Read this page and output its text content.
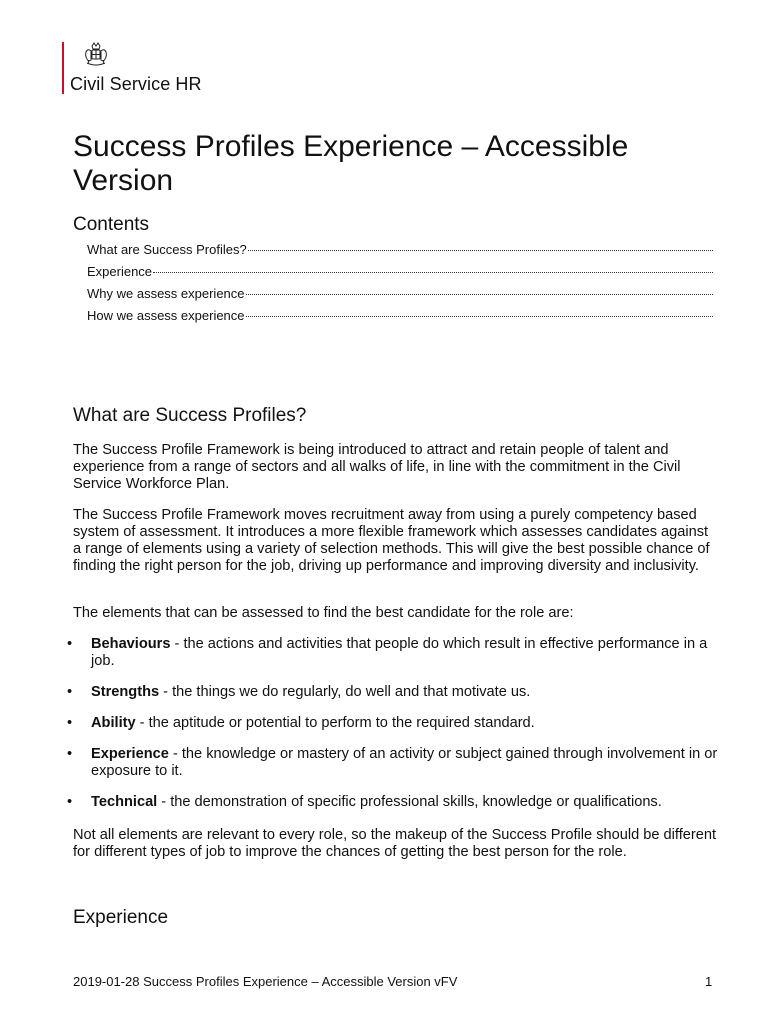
Civil Service HR
Success Profiles Experience – Accessible Version
Contents
What are Success Profiles?
Experience
Why we assess experience
How we assess experience
What are Success Profiles?

The Success Profile Framework is being introduced to attract and retain people of talent and experience from a range of sectors and all walks of life, in line with the commitment in the Civil Service Workforce Plan.

The Success Profile Framework moves recruitment away from using a purely competency based system of assessment. It introduces a more flexible framework which assesses candidates against a range of elements using a variety of selection methods. This will give the best possible chance of finding the right person for the job, driving up performance and improving diversity and inclusivity.

The elements that can be assessed to find the best candidate for the role are:

• Behaviours - the actions and activities that people do which result in effective performance in a job.
• Strengths - the things we do regularly, do well and that motivate us.
• Ability - the aptitude or potential to perform to the required standard.
• Experience - the knowledge or mastery of an activity or subject gained through involvement in or exposure to it.
• Technical - the demonstration of specific professional skills, knowledge or qualifications.

Not all elements are relevant to every role, so the makeup of the Success Profile should be different for different types of job to improve the chances of getting the best person for the role.

Experience
2019-01-28 Success Profiles Experience – Accessible Version vFV	1
